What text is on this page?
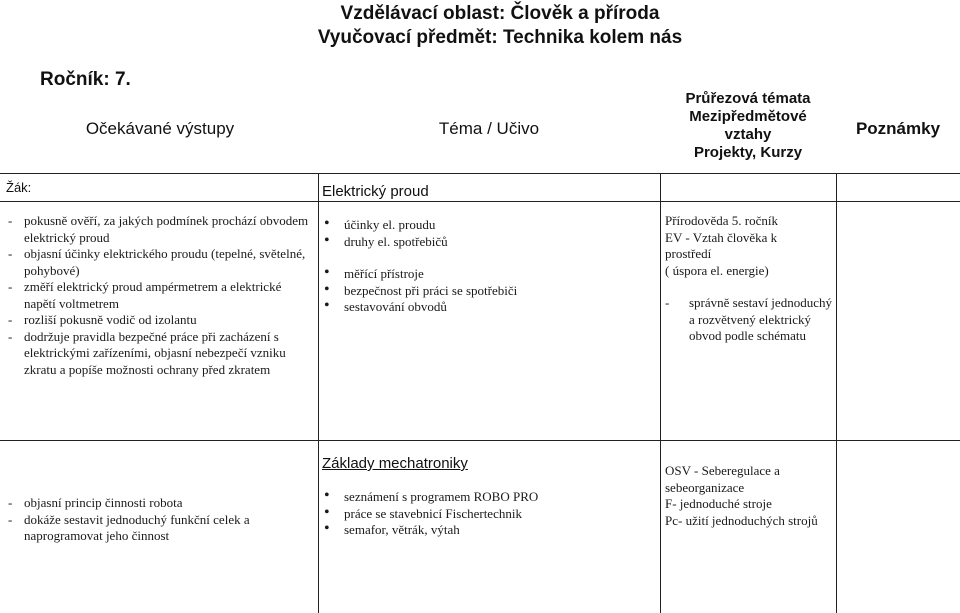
Vzdělávací oblast: Člověk a příroda
Vyučovací předmět: Technika kolem nás
Ročník: 7.
Očekávané výstupy	Téma / Učivo
Průřezová témata
Mezipředmětové
vztahy
Projekty, Kurzy
Poznámky
Žák:	Elektrický proud
- pokusně ověří, za jakých podmínek prochází obvodem elektrický proud
- objasní účinky elektrického proudu (tepelné, světelné, pohybové)
- změří elektrický proud ampérmetrem a elektrické napětí voltmetrem
- rozliší pokusně vodič od izolantu
- dodržuje pravidla bezpečné práce při zacházení s elektrickými zařízeními, objasní nebezpečí vzniku zkratu a popíše možnosti ochrany před zkratem
• účinky el. proudu
• druhy el. spotřebičů
• měřící přístroje
• bezpečnost při práci se spotřebiči
• sestavování obvodů
Přírodověda 5. ročník
EV - Vztah člověka k
prostředí
( úspora el. energie)
- správně sestaví jednoduchý a rozvětvený elektrický obvod podle schématu
Základy mechatroniky
- objasní princip činnosti robota
- dokáže sestavit jednoduchý funkční celek a naprogramovat jeho činnost
• seznámení s programem ROBO PRO
• práce se stavebnicí Fischertechnik
• semafor, větrák, výtah
OSV - Seberegulace a
sebeorganizace
F- jednoduché stroje
Pc- užití jednoduchých strojů
